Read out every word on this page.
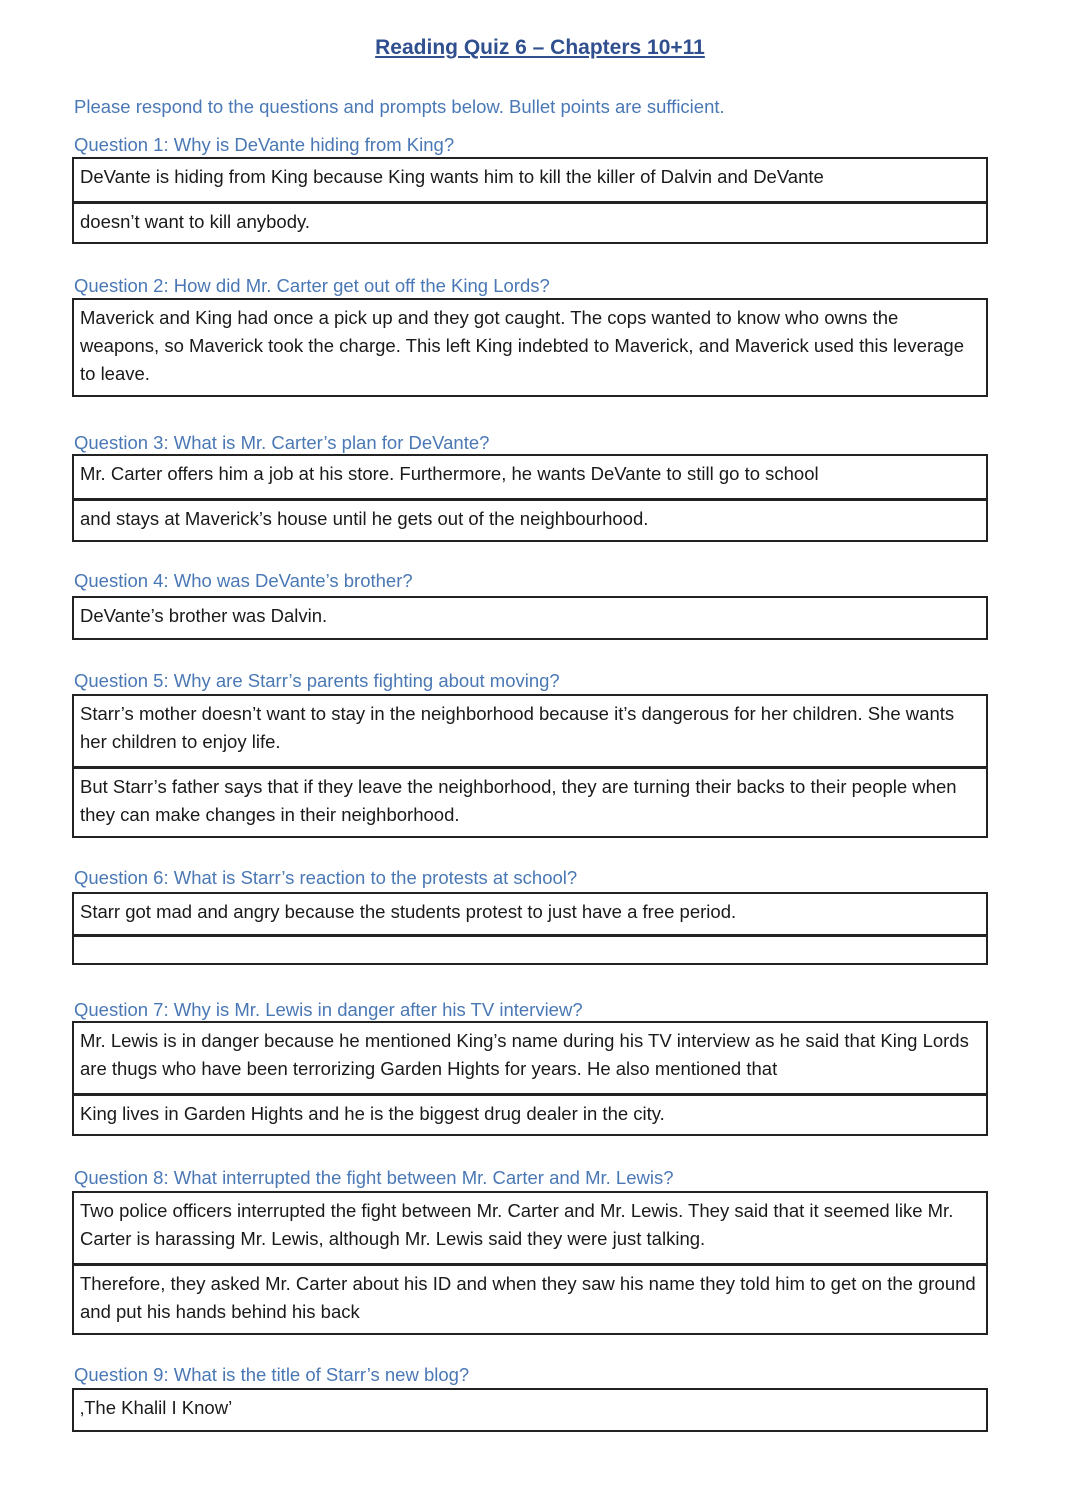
Reading Quiz 6 – Chapters 10+11
Please respond to the questions and prompts below. Bullet points are sufficient.
Question 1: Why is DeVante hiding from King?
DeVante is hiding from King because King wants him to kill the killer of Dalvin and DeVante
doesn’t want to kill anybody.
Question 2: How did Mr. Carter get out off the King Lords?
Maverick and King had once a pick up and they got caught. The cops wanted to know who owns the weapons, so Maverick took the charge. This left King indebted to Maverick, and Maverick used this leverage to leave.
Question 3: What is Mr. Carter’s plan for DeVante?
Mr. Carter offers him a job at his store. Furthermore, he wants DeVante to still go to school
and stays at Maverick’s house until he gets out of the neighbourhood.
Question 4: Who was DeVante’s brother?
DeVante’s brother was Dalvin.
Question 5: Why are Starr’s parents fighting about moving?
Starr’s mother doesn’t want to stay in the neighborhood because it’s dangerous for her children. She wants her children to enjoy life.
But Starr’s father says that if they leave the neighborhood, they are turning their backs to their people when they can make changes in their neighborhood.
Question 6: What is Starr’s reaction to the protests at school?
Starr got mad and angry because the students protest to just have a free period.
Question 7: Why is Mr. Lewis in danger after his TV interview?
Mr. Lewis is in danger because he mentioned King’s name during his TV interview as he said that King Lords are thugs who have been terrorizing Garden Hights for years. He also mentioned that
King lives in Garden Hights and he is the biggest drug dealer in the city.
Question 8: What interrupted the fight between Mr. Carter and Mr. Lewis?
Two police officers interrupted the fight between Mr. Carter and Mr. Lewis. They said that it seemed like Mr. Carter is harassing Mr. Lewis, although Mr. Lewis said they were just talking.
Therefore, they asked Mr. Carter about his ID and when they saw his name they told him to get on the ground and put his hands behind his back
Question 9: What is the title of Starr’s new blog?
‚The Khalil I Know’
